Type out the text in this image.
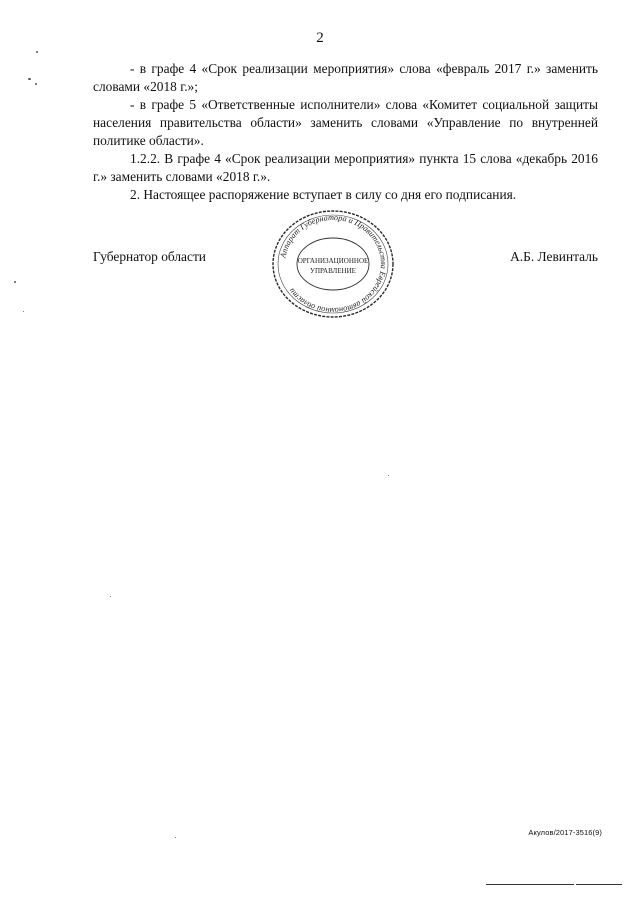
2

- в графе 4 «Срок реализации мероприятия» слова «февраль 2017 г.» заменить словами «2018 г.»;

- в графе 5 «Ответственные исполнители» слова «Комитет социальной защиты населения правительства области» заменить словами «Управление по внутренней политике области».

1.2.2. В графе 4 «Срок реализации мероприятия» пункта 15 слова «декабрь 2016 г.» заменить словами «2018 г.».

2. Настоящее распоряжение вступает в силу со дня его подписания.

Губернатор области	А.Б. Левинталь
Аппарат Губернатора и Правительства Еврейской автономной области
ОРГАНИЗАЦИОННОЕ
УПРАВЛЕНИЕ
Акулов/2017-3516(9)
